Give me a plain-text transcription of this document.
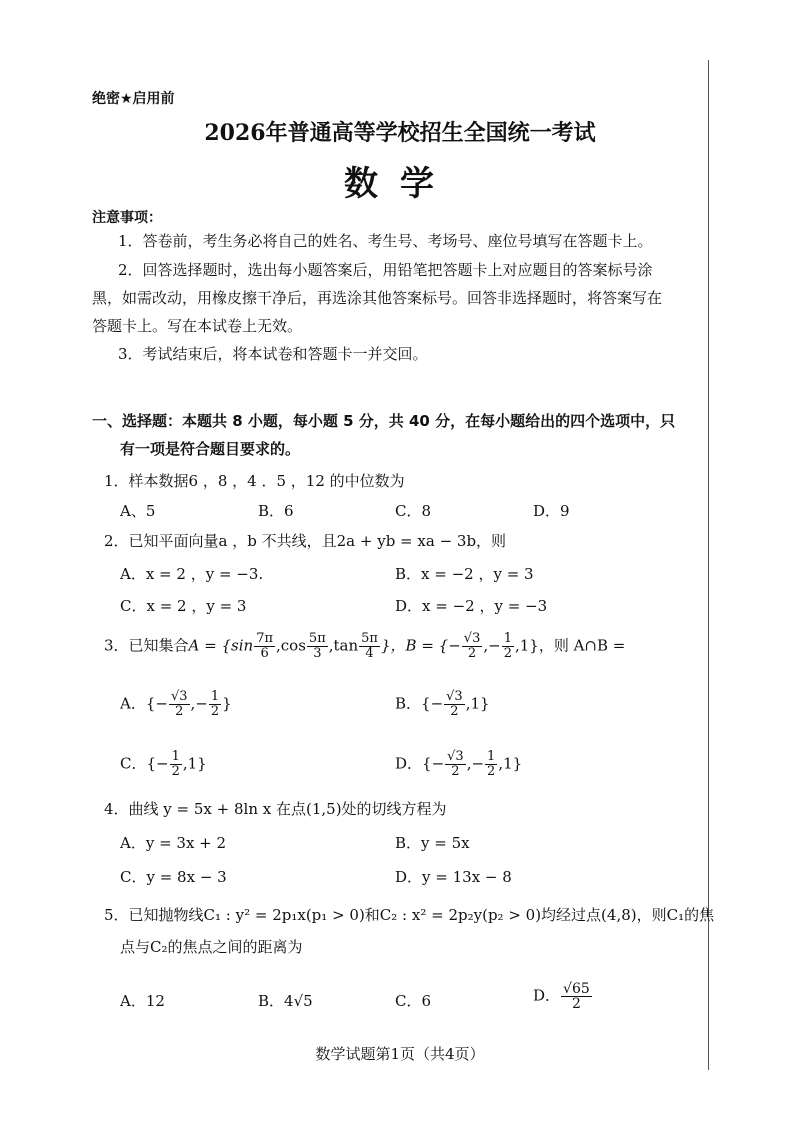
绝密★启用前
2026年普通高等学校招生全国统一考试
数学
注意事项：
1．答卷前，考生务必将自己的姓名、考生号、考场号、座位号填写在答题卡上。
2．回答选择题时，选出每小题答案后，用铅笔把答题卡上对应题目的答案标号涂
黑，如需改动，用橡皮擦干净后，再选涂其他答案标号。回答非选择题时，将答案写在
答题卡上。写在本试卷上无效。
3．考试结束后，将本试卷和答题卡一并交回。
一、选择题：本题共 8 小题，每小题 5 分，共 40 分，在每小题给出的四个选项中，只
有一项是符合题目要求的。
1．样本数据6 ，8 ，4 ．5 ，12 的中位数为
A、5	B．6	C．8	D．9
2．已知平面向量a ，b 不共线，且2a + yb = xa − 3b，则
A．x = 2 ，y = −3.	B．x = −2 ，y = 3
C．x = 2 ，y = 3	D．x = −2 ，y = −3
3．已知集合$A = \{\sin \frac{7\pi}{6} ,\cos \frac{5\pi}{3} ,\tan \frac{5\pi}{4}$ }，B = {− $\frac{√3}{2}$ ,− $\frac{1}{2} ,1$}，则 A∩B =
A．{− $\frac{√3}{2}$ ,− $\frac{1}{2}$ }	B．{− $\frac{√3}{2} ,1$}
C．{− $\frac{1}{2} ,1$}	D．{− $\frac{√3}{2}$ ,− $\frac{1}{2} ,1$}
4．曲线 y = 5x + 8ln x 在点(1,5)处的切线方程为
A．y = 3x + 2	B．y = 5x
C．y = 8x − 3	D．y = 13x − 8
5．已知抛物线C₁ : y² = 2p₁x(p₁ > 0)和C₂ : x² = 2p₂y(p₂ > 0)均经过点(4,8)，则C₁的焦
点与C₂的焦点之间的距离为
A．12	B．4√5	C．6	D． $\frac{√65}{2}$
数学试题第1页（共4页）
